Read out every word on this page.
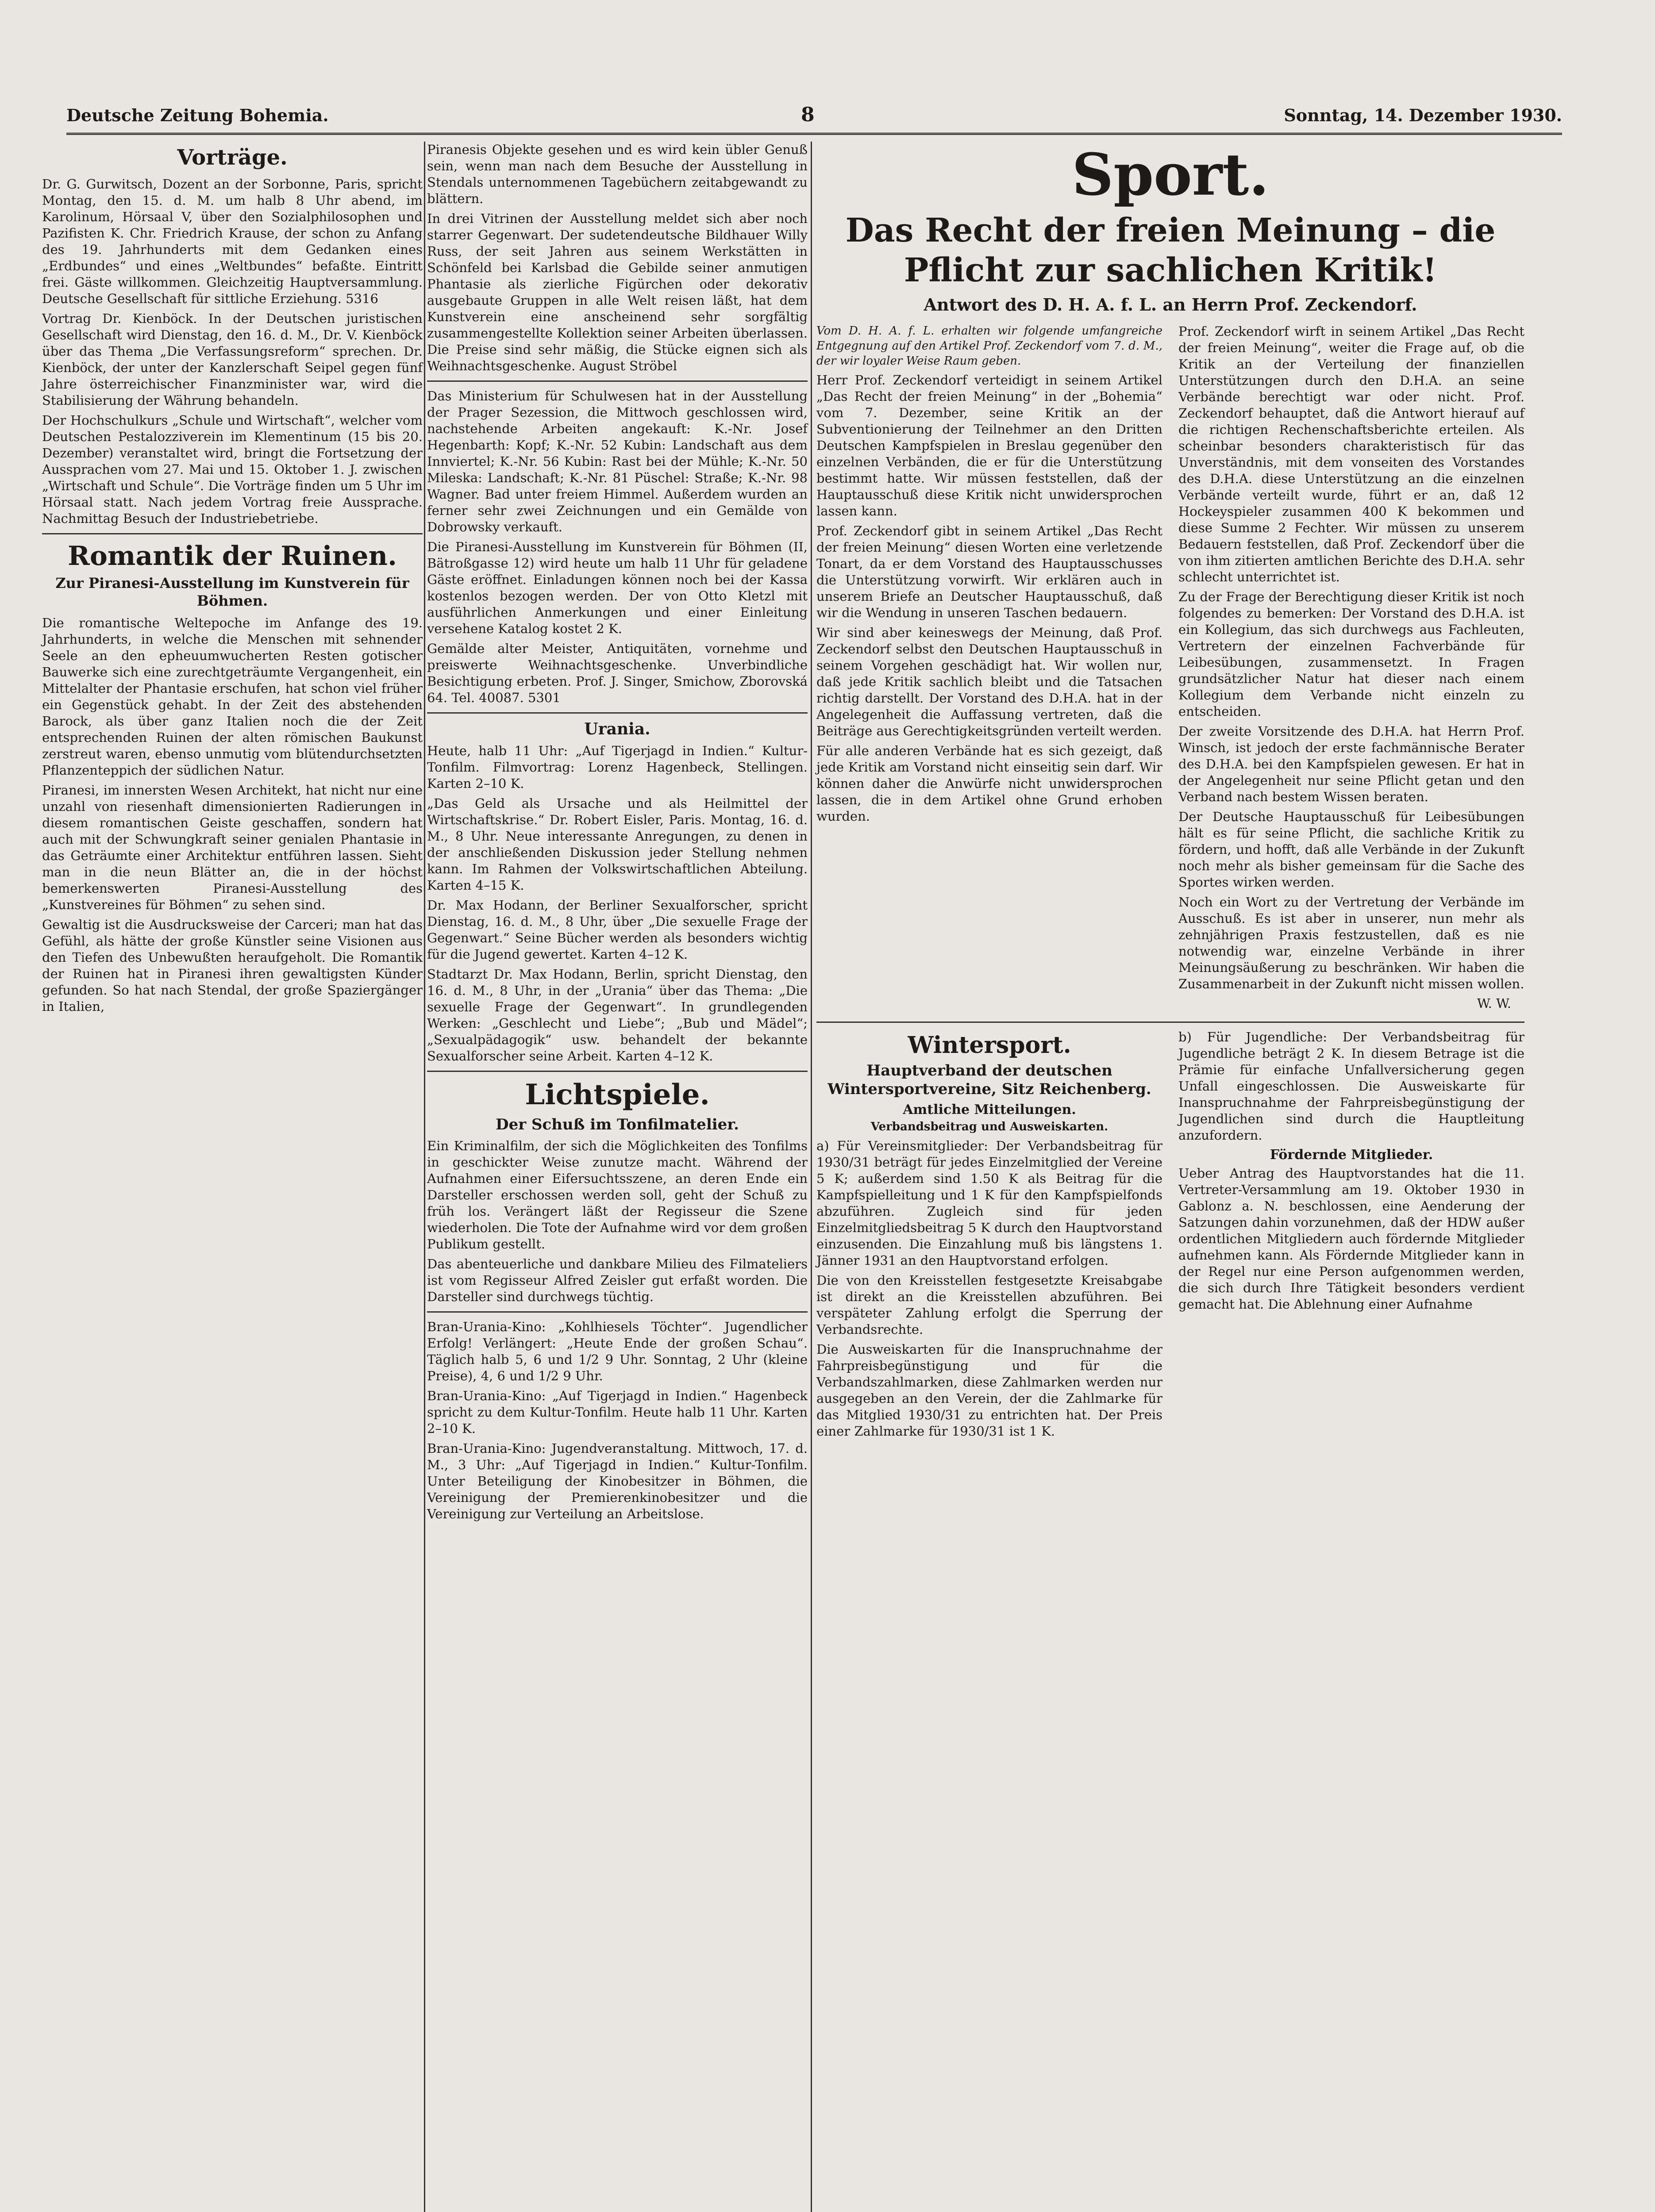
Deutsche Zeitung Bohemia.	8	Sonntag, 14. Dezember 1930.
Vorträge.

Dr. G. Gurwitsch, Dozent an der Sorbonne, Paris, spricht Montag, den 15. d. M. um halb 8 Uhr abend, im Karolinum, Hörsaal V, über den Sozialphilosophen und Pazifisten K. Chr. Friedrich Krause, der schon zu Anfang des 19. Jahrhunderts mit dem Gedanken eines „Erdbundes“ und eines „Weltbundes“ befaßte. Eintritt frei. Gäste willkommen. Gleichzeitig Hauptversammlung. Deutsche Gesellschaft für sittliche Erziehung. 5316

Vortrag Dr. Kienböck. In der Deutschen juristischen Gesellschaft wird Dienstag, den 16. d. M., Dr. V. Kienböck über das Thema „Die Verfassungsreform“ sprechen. Dr. Kienböck, der unter der Kanzlerschaft Seipel gegen fünf Jahre österreichischer Finanzminister war, wird die Stabilisierung der Währung behandeln.

Der Hochschulkurs „Schule und Wirtschaft“, welcher vom Deutschen Pestalozziverein im Klementinum (15 bis 20. Dezember) veranstaltet wird, bringt die Fortsetzung der Aussprachen vom 27. Mai und 15. Oktober 1. J. zwischen „Wirtschaft und Schule“. Die Vorträge finden um 5 Uhr im Hörsaal statt. Nach jedem Vortrag freie Aussprache. Nachmittag Besuch der Industriebetriebe.

Romantik der Ruinen.
Zur Piranesi-Ausstellung im Kunstverein für Böhmen.

Die romantische Weltepoche im Anfange des 19. Jahrhunderts, in welche die Menschen mit sehnender Seele an den epheuumwucherten Resten gotischer Bauwerke sich eine zurechtgeträumte Vergangenheit, ein Mittelalter der Phantasie erschufen, hat schon viel früher ein Gegenstück gehabt. In der Zeit des abstehenden Barock, als über ganz Italien noch die der Zeit entsprechenden Ruinen der alten römischen Baukunst zerstreut waren, ebenso unmutig vom blütendurchsetzten Pflanzenteppich der südlichen Natur.

Piranesi, im innersten Wesen Architekt, hat nicht nur eine unzahl von riesenhaft dimensionierten Radierungen in diesem romantischen Geiste geschaffen, sondern hat auch mit der Schwungkraft seiner genialen Phantasie in das Geträumte einer Architektur entführen lassen. Sieht man in die neun Blätter an, die in der höchst bemerkenswerten Piranesi-Ausstellung des „Kunstvereines für Böhmen“ zu sehen sind.

Gewaltig ist die Ausdrucksweise der Carceri; man hat das Gefühl, als hätte der große Künstler seine Visionen aus den Tiefen des Unbewußten heraufgeholt. Die Romantik der Ruinen hat in Piranesi ihren gewaltigsten Künder gefunden. So hat nach Stendal, der große Spaziergänger in Italien,

Piranesis Objekte gesehen und es wird kein übler Genuß sein, wenn man nach dem Besuche der Ausstellung in Stendals unternommenen Tagebüchern zeitabgewandt zu blättern.

In drei Vitrinen der Ausstellung meldet sich aber noch starrer Gegenwart. Der sudetendeutsche Bildhauer Willy Russ, der seit Jahren aus seinem Werkstätten in Schönfeld bei Karlsbad die Gebilde seiner anmutigen Phantasie als zierliche Figürchen oder dekorativ ausgebaute Gruppen in alle Welt reisen läßt, hat dem Kunstverein eine anscheinend sehr sorgfältig zusammengestellte Kollektion seiner Arbeiten überlassen. Die Preise sind sehr mäßig, die Stücke eignen sich als Weihnachtsgeschenke. August Ströbel

Das Ministerium für Schulwesen hat in der Ausstellung der Prager Sezession, die Mittwoch geschlossen wird, nachstehende Arbeiten angekauft: K.-Nr. Josef Hegenbarth: Kopf; K.-Nr. 52 Kubin: Landschaft aus dem Innviertel; K.-Nr. 56 Kubin: Rast bei der Mühle; K.-Nr. 50 Mileska: Landschaft; K.-Nr. 81 Püschel: Straße; K.-Nr. 98 Wagner. Bad unter freiem Himmel. Außerdem wurden an ferner sehr zwei Zeichnungen und ein Gemälde von Dobrowsky verkauft.

Die Piranesi-Ausstellung im Kunstverein für Böhmen (II, Bätroßgasse 12) wird heute um halb 11 Uhr für geladene Gäste eröffnet. Einladungen können noch bei der Kassa kostenlos bezogen werden. Der von Otto Kletzl mit ausführlichen Anmerkungen und einer Einleitung versehene Katalog kostet 2 K.

Gemälde alter Meister, Antiquitäten, vornehme und preiswerte Weihnachtsgeschenke. Unverbindliche Besichtigung erbeten. Prof. J. Singer, Smichow, Zborovská 64. Tel. 40087. 5301

Urania.

Heute, halb 11 Uhr: „Auf Tigerjagd in Indien.“ Kultur-Tonfilm. Filmvortrag: Lorenz Hagenbeck, Stellingen. Karten 2–10 K.

„Das Geld als Ursache und als Heilmittel der Wirtschaftskrise.“ Dr. Robert Eisler, Paris. Montag, 16. d. M., 8 Uhr. Neue interessante Anregungen, zu denen in der anschließenden Diskussion jeder Stellung nehmen kann. Im Rahmen der Volkswirtschaftlichen Abteilung. Karten 4–15 K.

Dr. Max Hodann, der Berliner Sexualforscher, spricht Dienstag, 16. d. M., 8 Uhr, über „Die sexuelle Frage der Gegenwart.“ Seine Bücher werden als besonders wichtig für die Jugend gewertet. Karten 4–12 K.

Stadtarzt Dr. Max Hodann, Berlin, spricht Dienstag, den 16. d. M., 8 Uhr, in der „Urania“ über das Thema: „Die sexuelle Frage der Gegenwart“. In grundlegenden Werken: „Geschlecht und Liebe“; „Bub und Mädel“; „Sexualpädagogik“ usw. behandelt der bekannte Sexualforscher seine Arbeit. Karten 4–12 K.

Lichtspiele.
Der Schuß im Tonfilmatelier.

Ein Kriminalfilm, der sich die Möglichkeiten des Tonfilms in geschickter Weise zunutze macht. Während der Aufnahmen einer Eifersuchtsszene, an deren Ende ein Darsteller erschossen werden soll, geht der Schuß zu früh los. Verängert läßt der Regisseur die Szene wiederholen. Die Tote der Aufnahme wird vor dem großen Publikum gestellt.

Das abenteuerliche und dankbare Milieu des Filmateliers ist vom Regisseur Alfred Zeisler gut erfaßt worden. Die Darsteller sind durchwegs tüchtig.

Bran-Urania-Kino: „Kohlhiesels Töchter“. Jugendlicher Erfolg! Verlängert: „Heute Ende der großen Schau“. Täglich halb 5, 6 und 1/2 9 Uhr. Sonntag, 2 Uhr (kleine Preise), 4, 6 und 1/2 9 Uhr.

Bran-Urania-Kino: „Auf Tigerjagd in Indien.“ Hagenbeck spricht zu dem Kultur-Tonfilm. Heute halb 11 Uhr. Karten 2–10 K.

Bran-Urania-Kino: Jugendveranstaltung. Mittwoch, 17. d. M., 3 Uhr: „Auf Tigerjagd in Indien.“ Kultur-Tonfilm. Unter Beteiligung der Kinobesitzer in Böhmen, die Vereinigung der Premierenkinobesitzer und die Vereinigung zur Verteilung an Arbeitslose.

Sport.
Das Recht der freien Meinung – die Pflicht zur sachlichen Kritik!
Antwort des D. H. A. f. L. an Herrn Prof. Zeckendorf.

Vom D. H. A. f. L. erhalten wir folgende umfangreiche Entgegnung auf den Artikel Prof. Zeckendorf vom 7. d. M., der wir loyaler Weise Raum geben.

Herr Prof. Zeckendorf verteidigt in seinem Artikel „Das Recht der freien Meinung“ in der „Bohemia“ vom 7. Dezember, seine Kritik an der Subventionierung der Teilnehmer an den Dritten Deutschen Kampfspielen in Breslau gegenüber den einzelnen Verbänden, die er für die Unterstützung bestimmt hatte. Wir müssen feststellen, daß der Hauptausschuß diese Kritik nicht unwidersprochen lassen kann.

Prof. Zeckendorf gibt in seinem Artikel „Das Recht der freien Meinung“ diesen Worten eine verletzende Tonart, da er dem Vorstand des Hauptausschusses die Unterstützung vorwirft. Wir erklären auch in unserem Briefe an Deutscher Hauptausschuß, daß wir die Wendung in unseren Taschen bedauern.

Wir sind aber keineswegs der Meinung, daß Prof. Zeckendorf selbst den Deutschen Hauptausschuß in seinem Vorgehen geschädigt hat. Wir wollen nur, daß jede Kritik sachlich bleibt und die Tatsachen richtig darstellt. Der Vorstand des D.H.A. hat in der Angelegenheit die Auffassung vertreten, daß die Beiträge aus Gerechtigkeitsgründen verteilt werden.

Für alle anderen Verbände hat es sich gezeigt, daß jede Kritik am Vorstand nicht einseitig sein darf. Wir können daher die Anwürfe nicht unwidersprochen lassen, die in dem Artikel ohne Grund erhoben wurden.

Prof. Zeckendorf wirft in seinem Artikel „Das Recht der freien Meinung“, weiter die Frage auf, ob die Kritik an der Verteilung der finanziellen Unterstützungen durch den D.H.A. an seine Verbände berechtigt war oder nicht. Prof. Zeckendorf behauptet, daß die Antwort hierauf auf die richtigen Rechenschaftsberichte erteilen. Als scheinbar besonders charakteristisch für das Unverständnis, mit dem vonseiten des Vorstandes des D.H.A. diese Unterstützung an die einzelnen Verbände verteilt wurde, führt er an, daß 12 Hockeyspieler zusammen 400 K bekommen und diese Summe 2 Fechter. Wir müssen zu unserem Bedauern feststellen, daß Prof. Zeckendorf über die von ihm zitierten amtlichen Berichte des D.H.A. sehr schlecht unterrichtet ist.

Zu der Frage der Berechtigung dieser Kritik ist noch folgendes zu bemerken: Der Vorstand des D.H.A. ist ein Kollegium, das sich durchwegs aus Fachleuten, Vertretern der einzelnen Fachverbände für Leibesübungen, zusammensetzt. In Fragen grundsätzlicher Natur hat dieser nach einem Kollegium dem Verbande nicht einzeln zu entscheiden.

Der zweite Vorsitzende des D.H.A. hat Herrn Prof. Winsch, ist jedoch der erste fachmännische Berater des D.H.A. bei den Kampfspielen gewesen. Er hat in der Angelegenheit nur seine Pflicht getan und den Verband nach bestem Wissen beraten.

Der Deutsche Hauptausschuß für Leibesübungen hält es für seine Pflicht, die sachliche Kritik zu fördern, und hofft, daß alle Verbände in der Zukunft noch mehr als bisher gemeinsam für die Sache des Sportes wirken werden.

Noch ein Wort zu der Vertretung der Verbände im Ausschuß. Es ist aber in unserer, nun mehr als zehnjährigen Praxis festzustellen, daß es nie notwendig war, einzelne Verbände in ihrer Meinungsäußerung zu beschränken. Wir haben die Zusammenarbeit in der Zukunft nicht missen wollen.

W. W.
Wintersport.
Hauptverband der deutschen Wintersportvereine, Sitz Reichenberg.
Amtliche Mitteilungen.
Verbandsbeitrag und Ausweiskarten.

a) Für Vereinsmitglieder: Der Verbandsbeitrag für 1930/31 beträgt für jedes Einzelmitglied der Vereine 5 K; außerdem sind 1.50 K als Beitrag für die Kampfspielleitung und 1 K für den Kampfspielfonds abzuführen. Zugleich sind für jeden Einzelmitgliedsbeitrag 5 K durch den Hauptvorstand einzusenden. Die Einzahlung muß bis längstens 1. Jänner 1931 an den Hauptvorstand erfolgen.

Die von den Kreisstellen festgesetzte Kreisabgabe ist direkt an die Kreisstellen abzuführen. Bei verspäteter Zahlung erfolgt die Sperrung der Verbandsrechte.

Die Ausweiskarten für die Inanspruchnahme der Fahrpreisbegünstigung und für die Verbandszahlmarken, diese Zahlmarken werden nur ausgegeben an den Verein, der die Zahlmarke für das Mitglied 1930/31 zu entrichten hat. Der Preis einer Zahlmarke für 1930/31 ist 1 K.

b) Für Jugendliche: Der Verbandsbeitrag für Jugendliche beträgt 2 K. In diesem Betrage ist die Prämie für einfache Unfallversicherung gegen Unfall eingeschlossen. Die Ausweiskarte für Inanspruchnahme der Fahrpreisbegünstigung der Jugendlichen sind durch die Hauptleitung anzufordern.

Fördernde Mitglieder.

Ueber Antrag des Hauptvorstandes hat die 11. Vertreter-Versammlung am 19. Oktober 1930 in Gablonz a. N. beschlossen, eine Aenderung der Satzungen dahin vorzunehmen, daß der HDW außer ordentlichen Mitgliedern auch fördernde Mitglieder aufnehmen kann. Als Fördernde Mitglieder kann in der Regel nur eine Person aufgenommen werden, die sich durch Ihre Tätigkeit besonders verdient gemacht hat. Die Ablehnung einer Aufnahme
